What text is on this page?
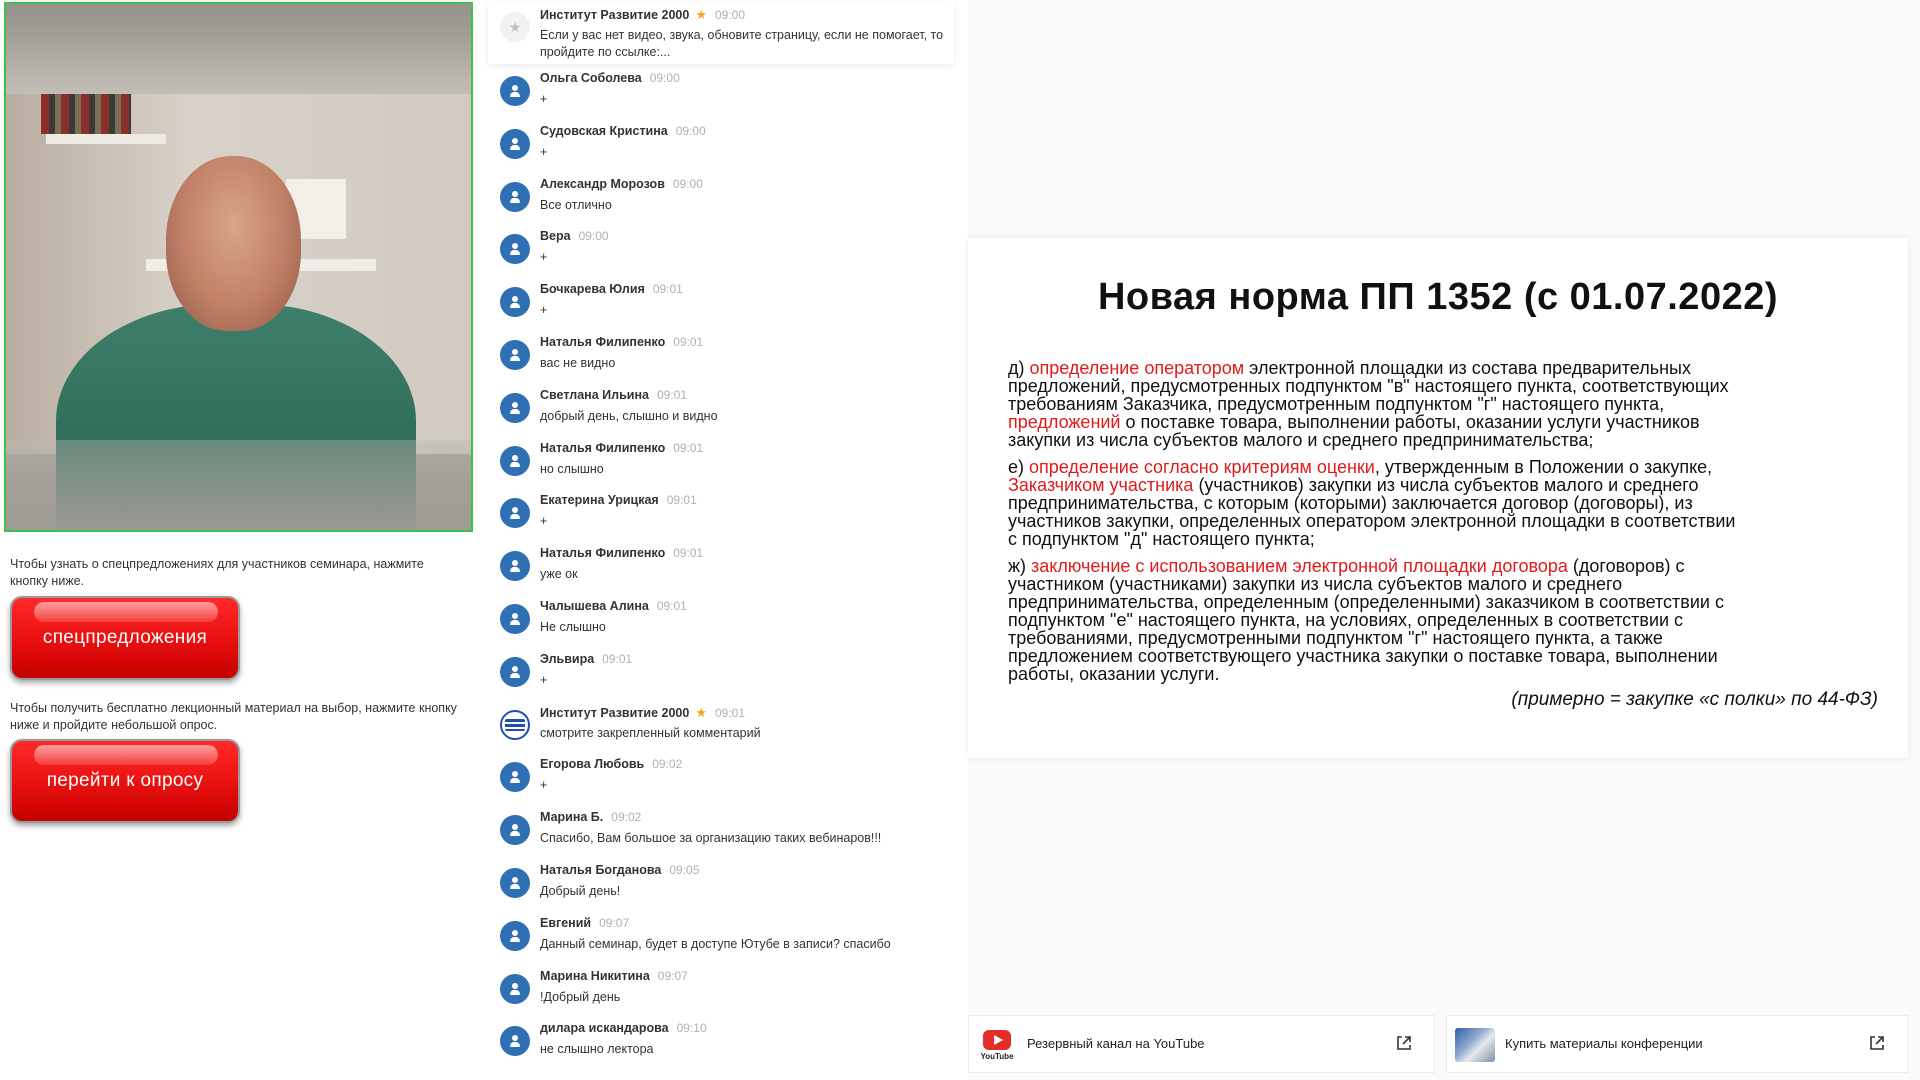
Чтобы узнать о спецпредложениях для участников семинара, нажмите кнопку ниже.
спецпредложения
Чтобы получить бесплатно лекционный материал на выбор, нажмите кнопку ниже и пройдите небольшой опрос.
перейти к опросу
★
Институт Развитие 2000 ★ 09:00
Если у вас нет видео, звука, обновите страницу, если не помогает, то пройдите по ссылке:...
Ольга Соболева 09:00
+
Судовская Кристина 09:00
+
Александр Морозов 09:00
Все отлично
Вера 09:00
+
Бочкарева Юлия 09:01
+
Наталья Филипенко 09:01
вас не видно
Светлана Ильина 09:01
добрый день, слышно и видно
Наталья Филипенко 09:01
но слышно
Екатерина Урицкая 09:01
+
Наталья Филипенко 09:01
уже ок
Чалышева Алина 09:01
Не слышно
Эльвира 09:01
+
Институт Развитие 2000 ★ 09:01
смотрите закрепленный комментарий
Егорова Любовь 09:02
+
Марина Б. 09:02
Спасибо, Вам большое за организацию таких вебинаров!!!
Наталья Богданова 09:05
Добрый день!
Евгений 09:07
Данный семинар, будет в доступе Ютубе в записи? спасибо
Марина Никитина 09:07
!Добрый день
дилара искандарова 09:10
не слышно лектора
Новая норма ПП 1352 (с 01.07.2022)
д) определение оператором электронной площадки из состава предварительных
предложений, предусмотренных подпунктом "в" настоящего пункта, соответствующих
требованиям Заказчика, предусмотренным подпунктом "г" настоящего пункта,
предложений о поставке товара, выполнении работы, оказании услуги участников
закупки из числа субъектов малого и среднего предпринимательства;
е) определение согласно критериям оценки, утвержденным в Положении о закупке,
Заказчиком участника (участников) закупки из числа субъектов малого и среднего
предпринимательства, с которым (которыми) заключается договор (договоры), из
участников закупки, определенных оператором электронной площадки в соответствии
с подпунктом "д" настоящего пункта;
ж) заключение с использованием электронной площадки договора (договоров) с
участником (участниками) закупки из числа субъектов малого и среднего
предпринимательства, определенным (определенными) заказчиком в соответствии с
подпунктом "е" настоящего пункта, на условиях, определенных в соответствии с
требованиями, предусмотренными подпунктом "г" настоящего пункта, а также
предложением соответствующего участника закупки о поставке товара, выполнении
работы, оказании услуги.
(примерно = закупке «с полки» по 44-ФЗ)
YouTube
Резервный канал на YouTube	Купить материалы конференции
